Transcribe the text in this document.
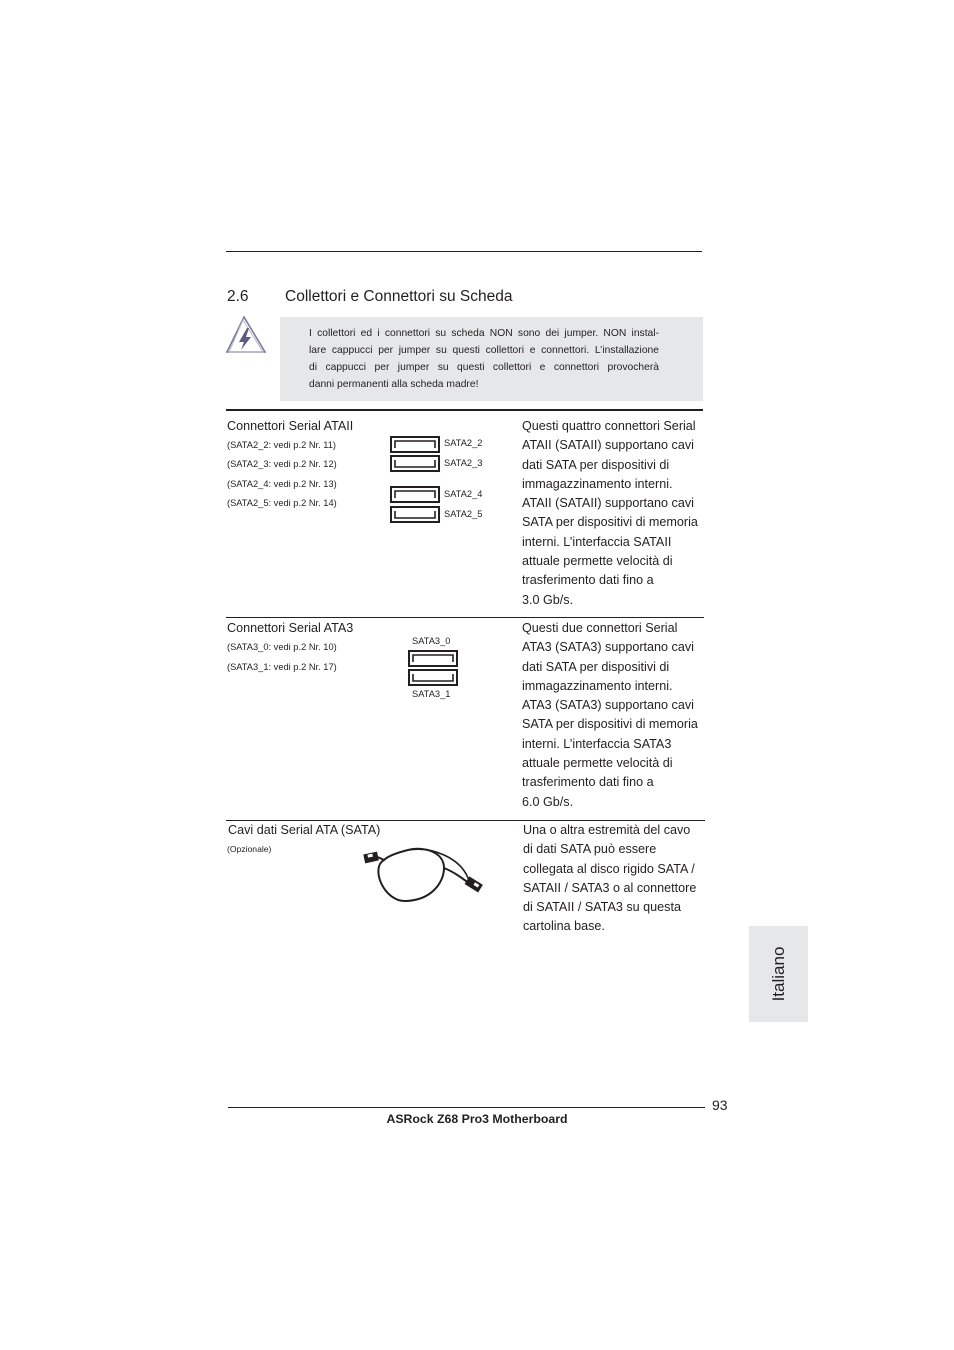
2.6 Collettori e Connettori su Scheda

I collettori ed i connettori su scheda NON sono dei jumper. NON instal-
lare cappucci per jumper su questi collettori e connettori. L’installazione
di cappucci per jumper su questi collettori e connettori provocherà
danni permanenti alla scheda madre!

Connettori Serial ATAII
(SATA2_2: vedi p.2 Nr. 11)
(SATA2_3: vedi p.2 Nr. 12)
(SATA2_4: vedi p.2 Nr. 13)
(SATA2_5: vedi p.2 Nr. 14)
SATA2_2
SATA2_3
SATA2_4
SATA2_5

Questi quattro connettori Serial
ATAII (SATAII) supportano cavi
dati SATA per dispositivi di
immagazzinamento interni.
ATAII (SATAII) supportano cavi
SATA per dispositivi di memoria
interni. L’interfaccia SATAII
attuale permette velocità di
trasferimento dati fino a
3.0 Gb/s.

Connettori Serial ATA3
(SATA3_0: vedi p.2 Nr. 10)
(SATA3_1: vedi p.2 Nr. 17)
SATA3_0
SATA3_1

Questi due connettori Serial
ATA3 (SATA3) supportano cavi
dati SATA per dispositivi di
immagazzinamento interni.
ATA3 (SATA3) supportano cavi
SATA per dispositivi di memoria
interni. L’interfaccia SATA3
attuale permette velocità di
trasferimento dati fino a
6.0 Gb/s.

Cavi dati Serial ATA (SATA)
(Opzionale)

Una o altra estremità del cavo
di dati SATA può essere
collegata al disco rigido SATA /
SATAII / SATA3 o al connettore
di SATAII / SATA3 su questa
cartolina base.

Italiano
93
ASRock Z68 Pro3 Motherboard
